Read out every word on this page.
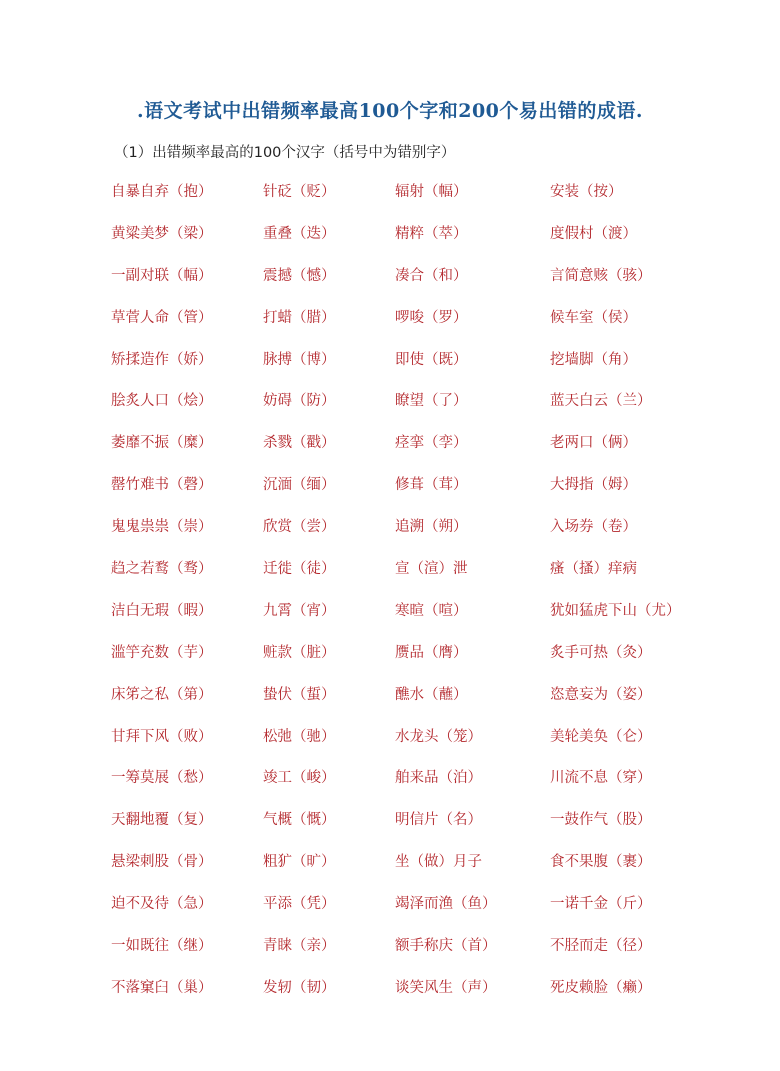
.语文考试中出错频率最高100个字和200个易出错的成语.
（1）出错频率最高的100个汉字（括号中为错别字）
自暴自弃（抱）	针砭（贬）	辐射（幅）	安装（按）
黄粱美梦（梁）	重叠（迭）	精粹（萃）	度假村（渡）
一副对联（幅）	震撼（憾）	凑合（和）	言简意赅（骇）
草菅人命（管）	打蜡（腊）	啰唆（罗）	候车室（侯）
矫揉造作（娇）	脉搏（博）	即使（既）	挖墙脚（角）
脍炙人口（烩）	妨碍（防）	瞭望（了）	蓝天白云（兰）
萎靡不振（糜）	杀戮（戳）	痉挛（孪）	老两口（俩）
罄竹难书（磬）	沉湎（缅）	修葺（茸）	大拇指（姆）
鬼鬼祟祟（崇）	欣赏（尝）	追溯（朔）	入场券（卷）
趋之若鹜（骛）	迁徙（徒）	宣（渲）泄	瘙（搔）痒病
洁白无瑕（暇）	九霄（宵）	寒暄（喧）	犹如猛虎下山（尤）
滥竽充数（芋）	赃款（脏）	赝品（膺）	炙手可热（灸）
床笫之私（第）	蛰伏（蜇）	醮水（蘸）	恣意妄为（姿）
甘拜下风（败）	松弛（驰）	水龙头（笼）	美轮美奂（仑）
一筹莫展（愁）	竣工（峻）	舶来品（泊）	川流不息（穿）
天翻地覆（复）	气概（慨）	明信片（名）	一鼓作气（股）
悬梁刺股（骨）	粗犷（旷）	坐（做）月子	食不果腹（裹）
迫不及待（急）	平添（凭）	竭泽而渔（鱼）	一诺千金（斤）
一如既往（继）	青睐（亲）	额手称庆（首）	不胫而走（径）
不落窠臼（巢）	发轫（韧）	谈笑风生（声）	死皮赖脸（癞）
